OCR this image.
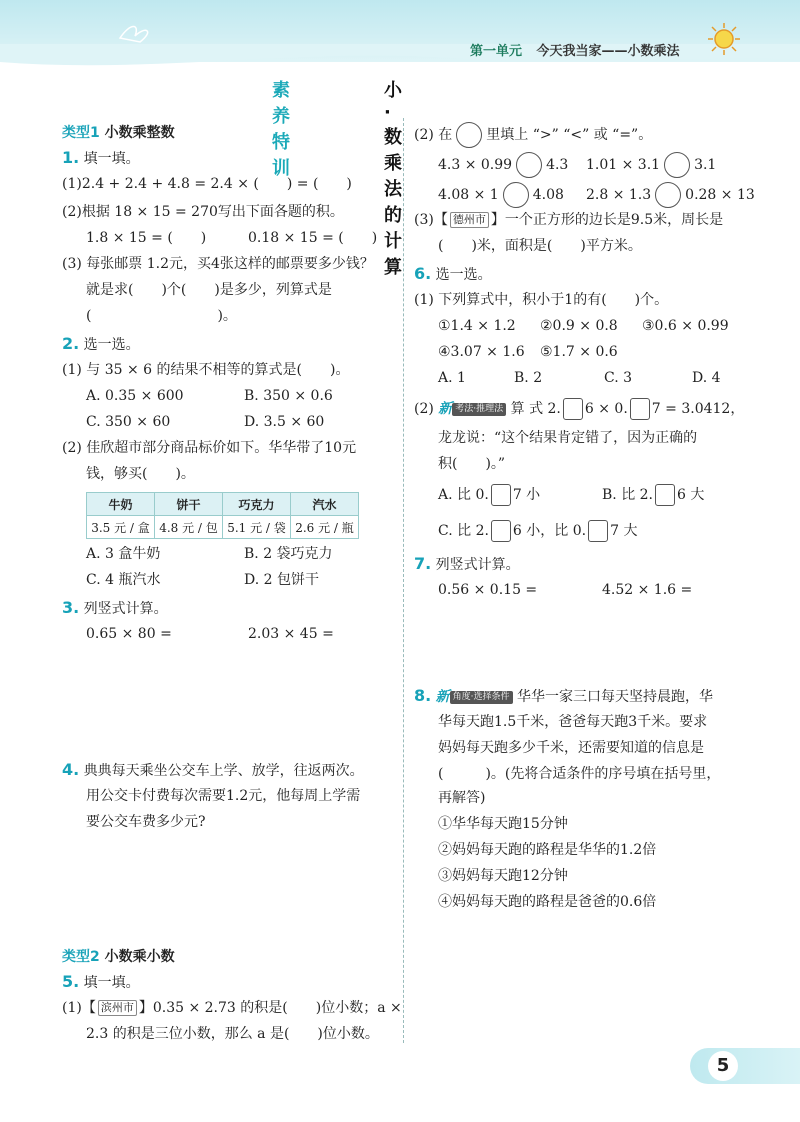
第一单元 今天我当家——小数乘法
素养特训
小·数乘法的计算
类型1 小数乘整数
1. 填一填。
(1)2.4 + 2.4 + 4.8 = 2.4 × (　　) = (　　)
(2)根据 18 × 15 = 270写出下面各题的积。
1.8 × 15 = (　　)	0.18 × 15 = (　　)
(3) 每张邮票 1.2元，买4张这样的邮票要多少钱？
就是求(　　)个(　　)是多少，列算式是
(　　　　　　　　　)。
2. 选一选。
(1) 与 35 × 6 的结果不相等的算式是(　　)。
A. 0.35 × 600	B. 350 × 0.6
C. 350 × 60	D. 3.5 × 60
(2) 佳欣超市部分商品标价如下。华华带了10元
钱，够买(　　)。
牛奶	饼干	巧克力	汽水
3.5 元 / 盒	4.8 元 / 包	5.1 元 / 袋	2.6 元 / 瓶
A. 3 盒牛奶	B. 2 袋巧克力
C. 4 瓶汽水	D. 2 包饼干
3. 列竖式计算。
0.65 × 80 =	2.03 × 45 =
4. 典典每天乘坐公交车上学、放学，往返两次。
用公交卡付费每次需要1.2元，他每周上学需
要公交车费多少元?
类型2 小数乘小数
5. 填一填。
(1)【 滨州市 】0.35 × 2.73 的积是(　　)位小数；a ×
2.3 的积是三位小数，那么 a 是(　　)位小数。
(2) 在 里填上 “>” “<” 或 “=”。
4.3 × 0.99 4.3 1.01 × 3.1 3.1
4.08 × 1 4.08 2.8 × 1.3 0.28 × 13
(3)【 德州市 】一个正方形的边长是9.5米，周长是
(　　)米，面积是(　　)平方米。
6. 选一选。
(1) 下列算式中，积小于1的有(　　)个。
①1.4 × 1.2 ②0.9 × 0.8 ③0.6 × 0.99
④3.07 × 1.6 ⑤1.7 × 0.6
A. 1	B. 2	C. 3	D. 4
(2) 新 考法·推理法 算 式 2. 6 × 0. 7 = 3.0412，
龙龙说：“这个结果肯定错了，因为正确的
积(　　)。”
A. 比 0. 7 小	B. 比 2. 6 大
C. 比 2. 6 小，比 0. 7 大
7. 列竖式计算。
0.56 × 0.15 =	4.52 × 1.6 =
8. 新 角度·选择条件 华华一家三口每天坚持晨跑，华
华每天跑1.5千米，爸爸每天跑3千米。要求
妈妈每天跑多少千米，还需要知道的信息是
(　　　)。(先将合适条件的序号填在括号里，
再解答)
①华华每天跑15分钟
②妈妈每天跑的路程是华华的1.2倍
③妈妈每天跑12分钟
④妈妈每天跑的路程是爸爸的0.6倍
5
